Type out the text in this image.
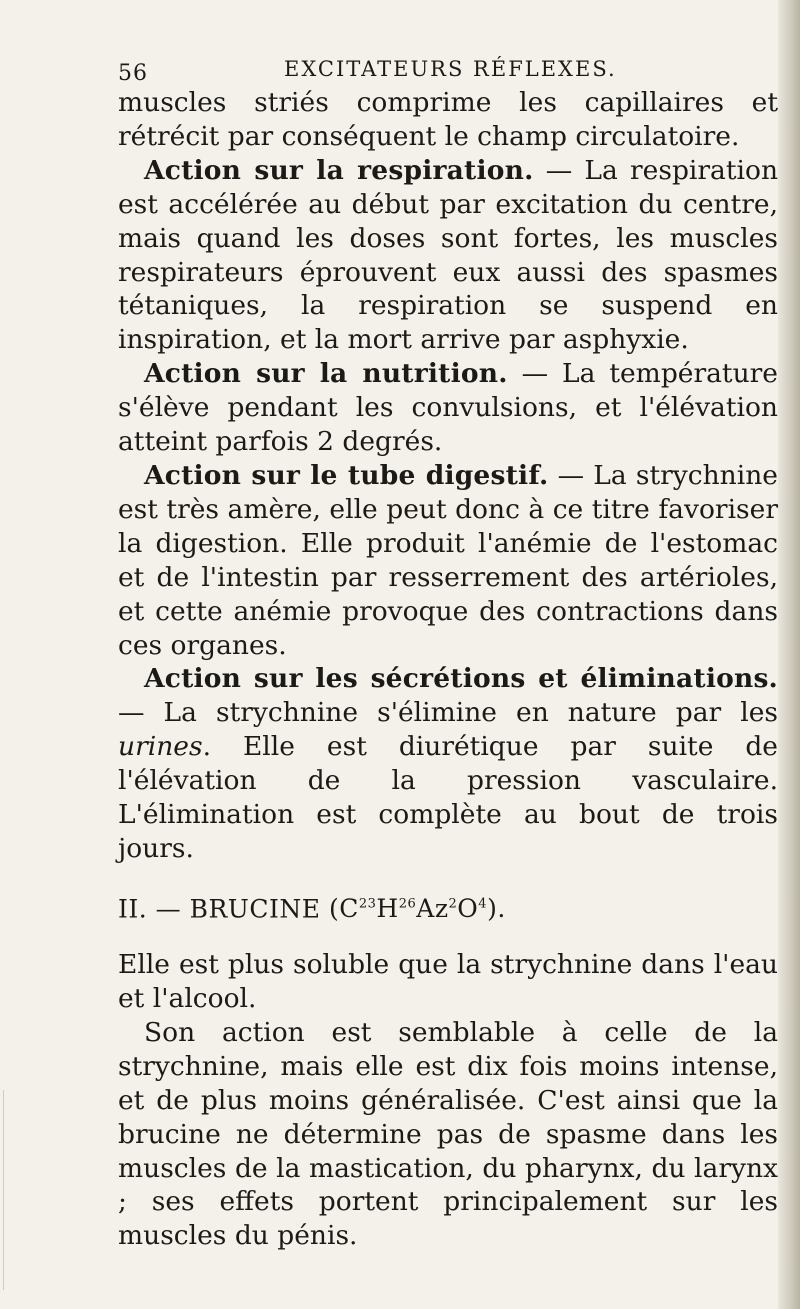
56	EXCITATEURS RÉFLEXES.

muscles striés comprime les capillaires et rétrécit par conséquent le champ circulatoire.

Action sur la respiration. — La respiration est accélérée au début par excitation du centre, mais quand les doses sont fortes, les muscles respirateurs éprouvent eux aussi des spasmes tétaniques, la respiration se suspend en inspiration, et la mort arrive par asphyxie.

Action sur la nutrition. — La température s'élève pendant les convulsions, et l'élévation atteint parfois 2 degrés.

Action sur le tube digestif. — La strychnine est très amère, elle peut donc à ce titre favoriser la digestion. Elle produit l'anémie de l'estomac et de l'intestin par resserrement des artérioles, et cette anémie provoque des contractions dans ces organes.

Action sur les sécrétions et éliminations. — La strychnine s'élimine en nature par les urines. Elle est diurétique par suite de l'élévation de la pression vasculaire. L'élimination est complète au bout de trois jours.

II. — BRUCINE $(C^{23}H^{26}Az^2O^4)$.

Elle est plus soluble que la strychnine dans l'eau et l'alcool.

Son action est semblable à celle de la strychnine, mais elle est dix fois moins intense, et de plus moins généralisée. C'est ainsi que la brucine ne détermine pas de spasme dans les muscles de la mastication, du pharynx, du larynx ; ses effets portent principalement sur les muscles du pénis.
